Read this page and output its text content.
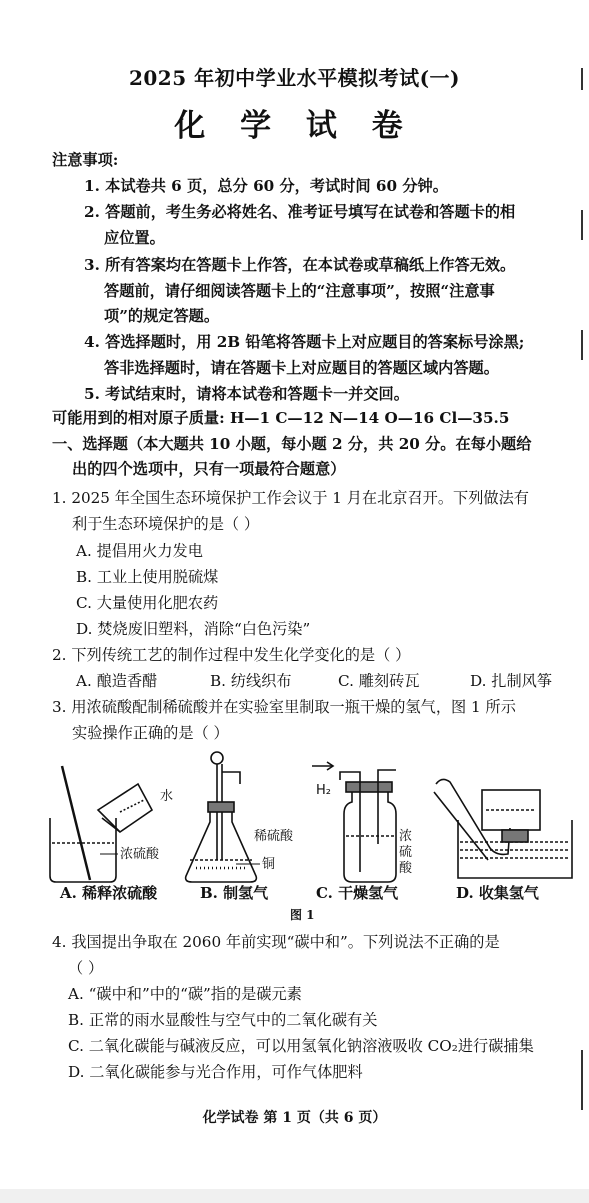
2025 年初中学业水平模拟考试(一)
化 学 试 卷
注意事项:
1. 本试卷共 6 页，总分 60 分，考试时间 60 分钟。
2. 答题前，考生务必将姓名、准考证号填写在试卷和答题卡的相
应位置。
3. 所有答案均在答题卡上作答，在本试卷或草稿纸上作答无效。
答题前，请仔细阅读答题卡上的“注意事项”，按照“注意事
项”的规定答题。
4. 答选择题时，用 2B 铅笔将答题卡上对应题目的答案标号涂黑;
答非选择题时，请在答题卡上对应题目的答题区域内答题。
5. 考试结束时，请将本试卷和答题卡一并交回。
可能用到的相对原子质量: H—1 C—12 N—14 O—16 Cl—35.5
一、选择题（本大题共 10 小题，每小题 2 分，共 20 分。在每小题给
出的四个选项中，只有一项最符合题意）
1. 2025 年全国生态环境保护工作会议于 1 月在北京召开。下列做法有
利于生态环境保护的是（ ）
A. 提倡用火力发电
B. 工业上使用脱硫煤
C. 大量使用化肥农药
D. 焚烧废旧塑料，消除“白色污染”
2. 下列传统工艺的制作过程中发生化学变化的是（ ）
A. 酿造香醋	B. 纺线织布	C. 雕刻砖瓦	D. 扎制风筝
3. 用浓硫酸配制稀硫酸并在实验室里制取一瓶干燥的氢气，图 1 所示
实验操作正确的是（ ）
水
浓硫酸
稀硫酸
铜
H₂
浓
硫
酸
A. 稀释浓硫酸	B. 制氢气	C. 干燥氢气	D. 收集氢气
图 1
4. 我国提出争取在 2060 年前实现“碳中和”。下列说法不正确的是
（ ）
A. “碳中和”中的“碳”指的是碳元素
B. 正常的雨水显酸性与空气中的二氧化碳有关
C. 二氧化碳能与碱液反应，可以用氢氧化钠溶液吸收 CO₂进行碳捕集
D. 二氧化碳能参与光合作用，可作气体肥料
化学试卷 第 1 页（共 6 页）
